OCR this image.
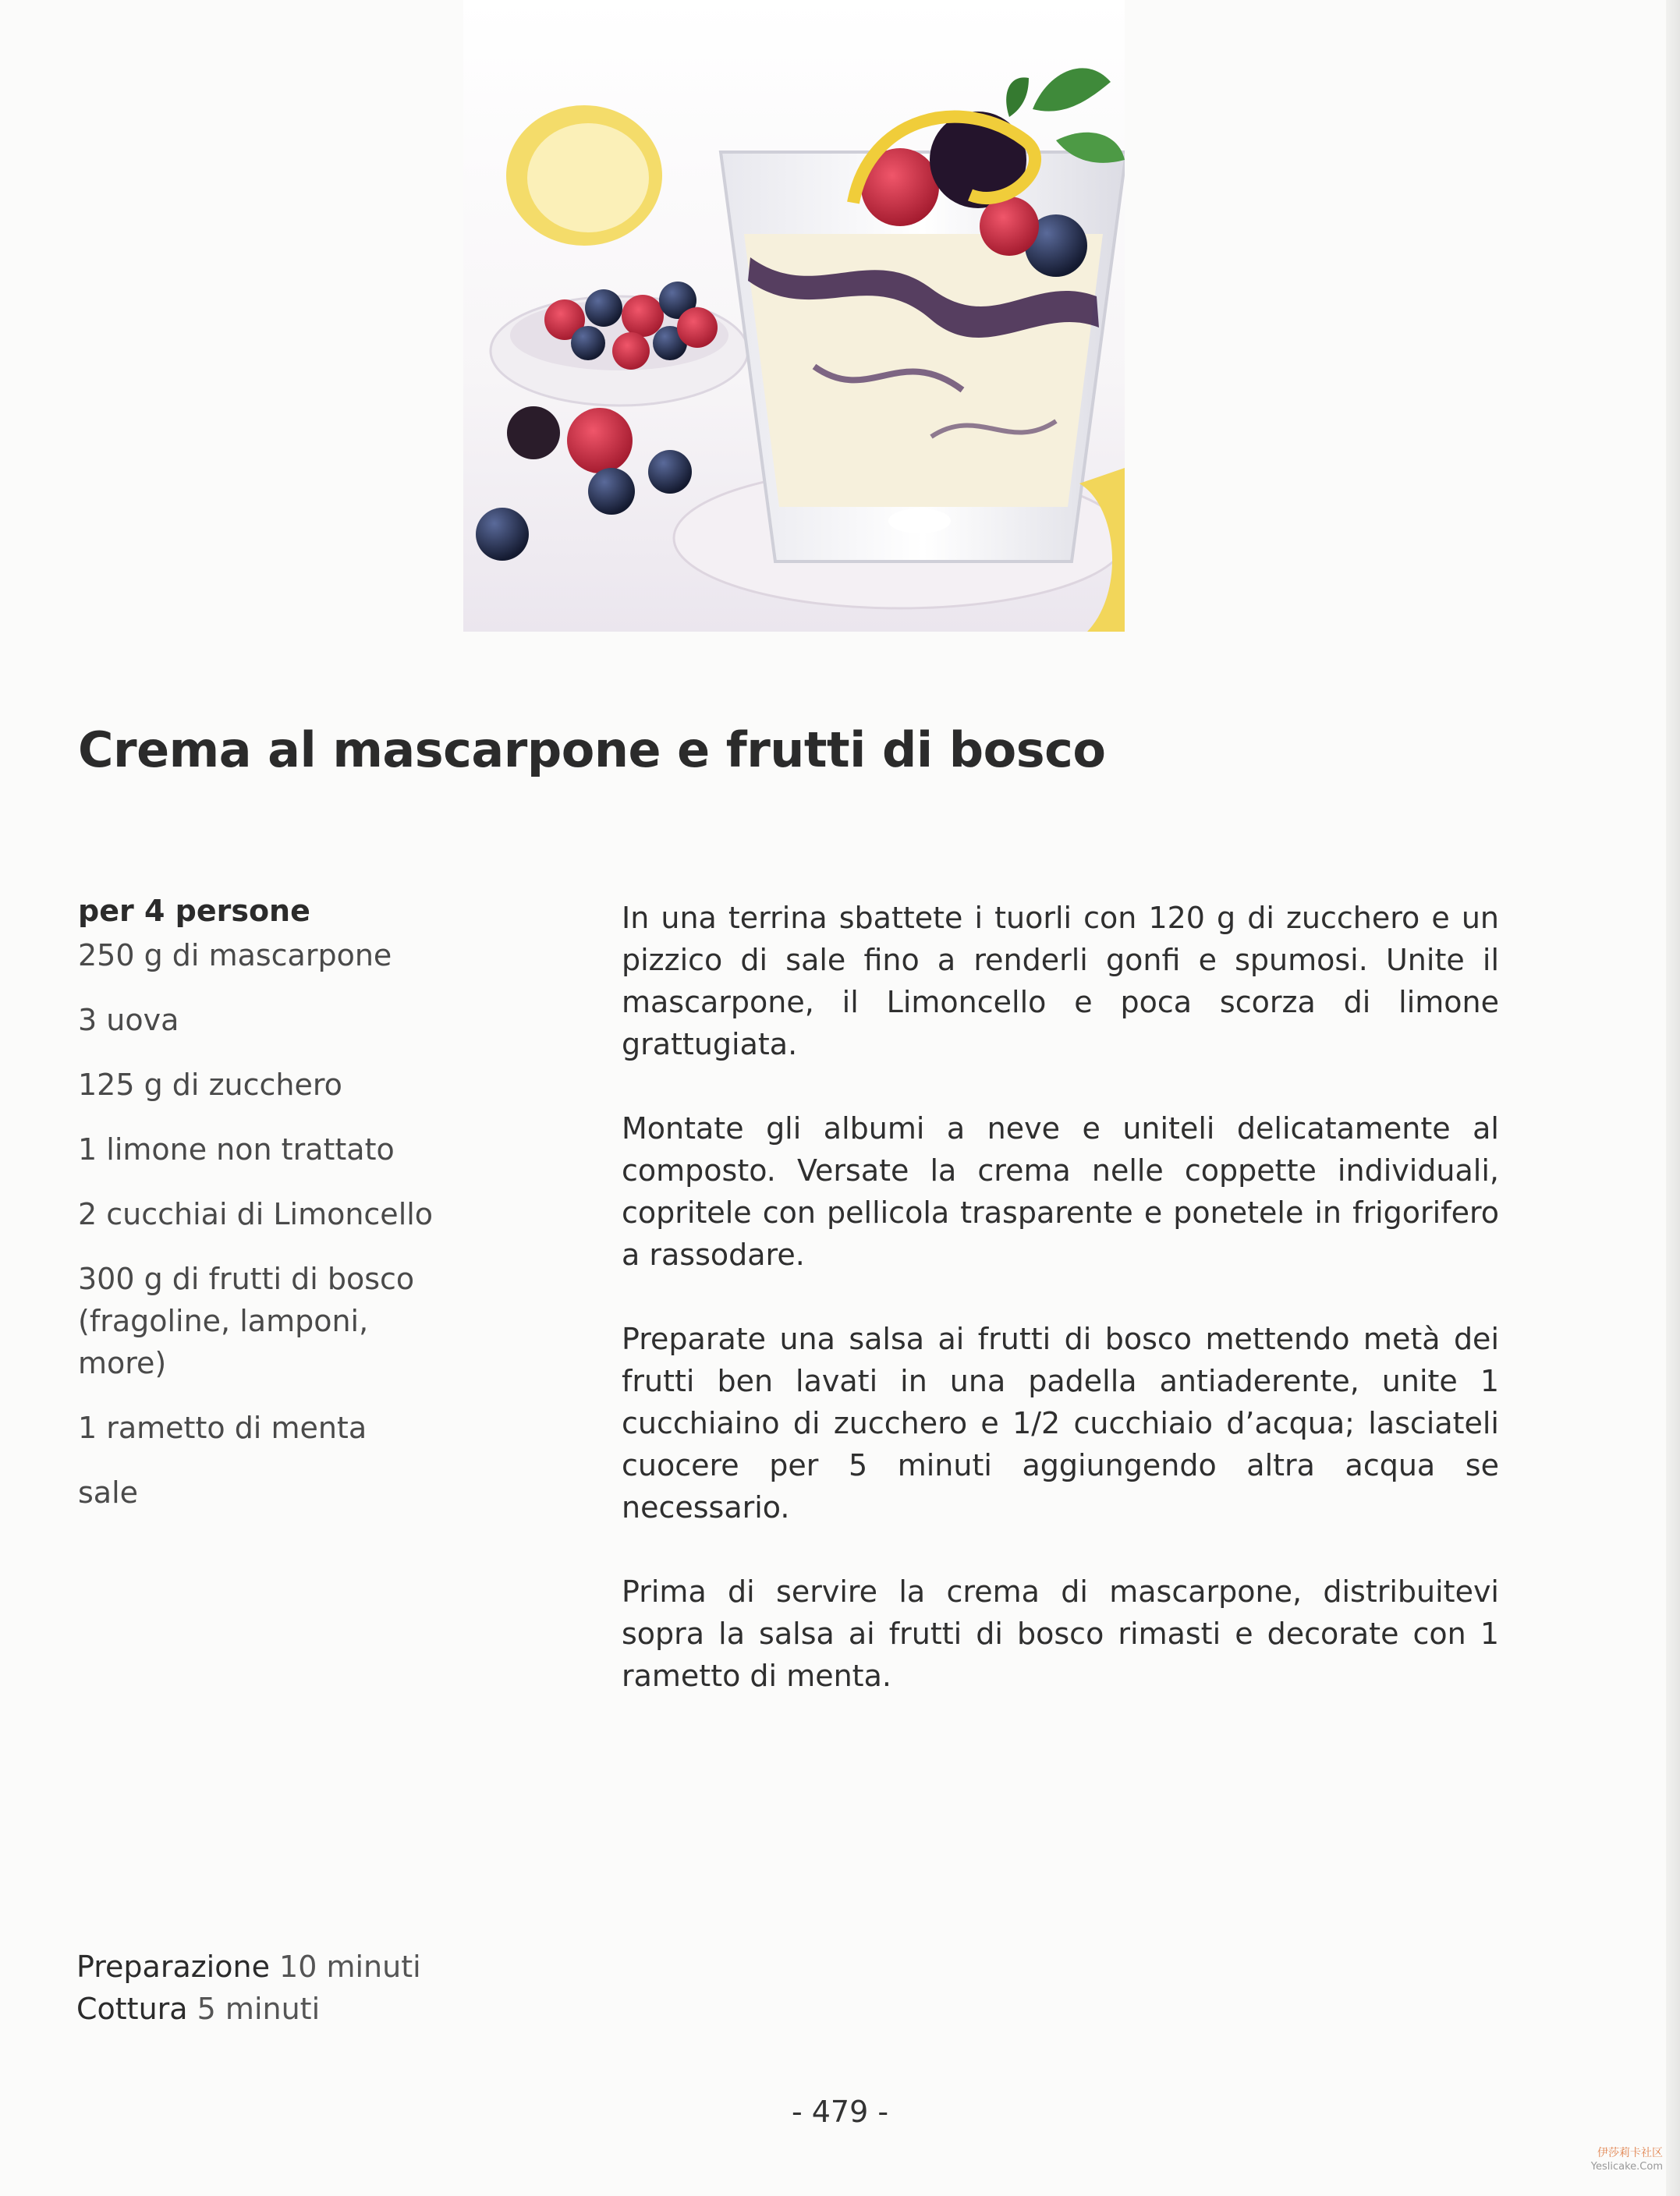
Crema al mascarpone e frutti di bosco
per 4 persone
250 g di mascarpone
3 uova
125 g di zucchero
1 limone non trattato
2 cucchiai di Limoncello
300 g di frutti di bosco (fragoline, lamponi, more)
1 rametto di menta
sale

In una terrina sbattete i tuorli con 120 g di zucchero e un pizzico di sale fino a renderli gonfi e spumosi. Unite il mascarpone, il Limoncello e poca scorza di limone grattugiata.

Montate gli albumi a neve e uniteli delicatamente al composto. Versate la crema nelle coppette individuali, copritele con pellicola trasparente e ponetele in frigorifero a rassodare.

Preparate una salsa ai frutti di bosco mettendo metà dei frutti ben lavati in una padella antiaderente, unite 1 cucchiaino di zucchero e 1/2 cucchiaio d’acqua; lasciateli cuocere per 5 minuti aggiungendo altra acqua se necessario.

Prima di servire la crema di mascarpone, distribuitevi sopra la salsa ai frutti di bosco rimasti e decorate con 1 rametto di menta.

Preparazione 10 minuti
Cottura 5 minuti
- 479 -
伊莎莉卡社区
Yeslicake.Com
